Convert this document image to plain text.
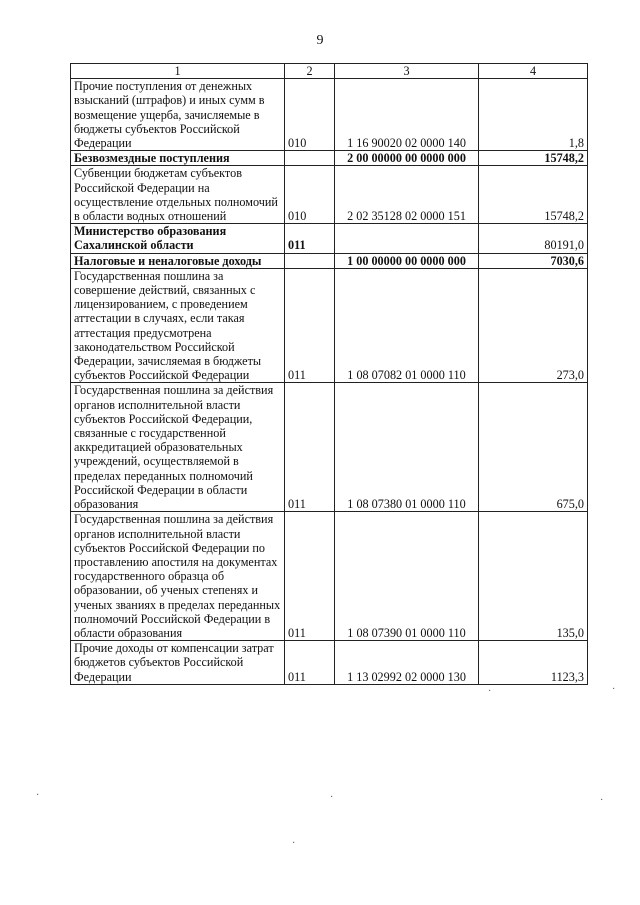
9
1	2	3	4
Прочие поступления от денежных взысканий (штрафов) и иных сумм в возмещение ущерба, зачисляемые в бюджеты субъектов Российской Федерации	010	1 16 90020 02 0000 140	1,8
Безвозмездные поступления		2 00 00000 00 0000 000	15748,2
Субвенции бюджетам субъектов Российской Федерации на осуществление отдельных полномочий в области водных отношений	010	2 02 35128 02 0000 151	15748,2
Министерство образования Сахалинской области	011		80191,0
Налоговые и неналоговые доходы		1 00 00000 00 0000 000	7030,6
Государственная пошлина за совершение действий, связанных с лицензированием, с проведением аттестации в случаях, если такая аттестация предусмотрена законодательством Российской Федерации, зачисляемая в бюджеты субъектов Российской Федерации	011	1 08 07082 01 0000 110	273,0
Государственная пошлина за действия органов исполнительной власти субъектов Российской Федерации, связанные с государственной аккредитацией образовательных учреждений, осуществляемой в пределах переданных полномочий Российской Федерации в области образования	011	1 08 07380 01 0000 110	675,0
Государственная пошлина за действия органов исполнительной власти субъектов Российской Федерации по проставлению апостиля на документах государственного образца об образовании, об ученых степенях и ученых званиях в пределах переданных полномочий Российской Федерации в области образования	011	1 08 07390 01 0000 110	135,0
Прочие доходы от компенсации затрат бюджетов субъектов Российской Федерации	011	1 13 02992 02 0000 130	1123,3
·
·
·	·	·
·
